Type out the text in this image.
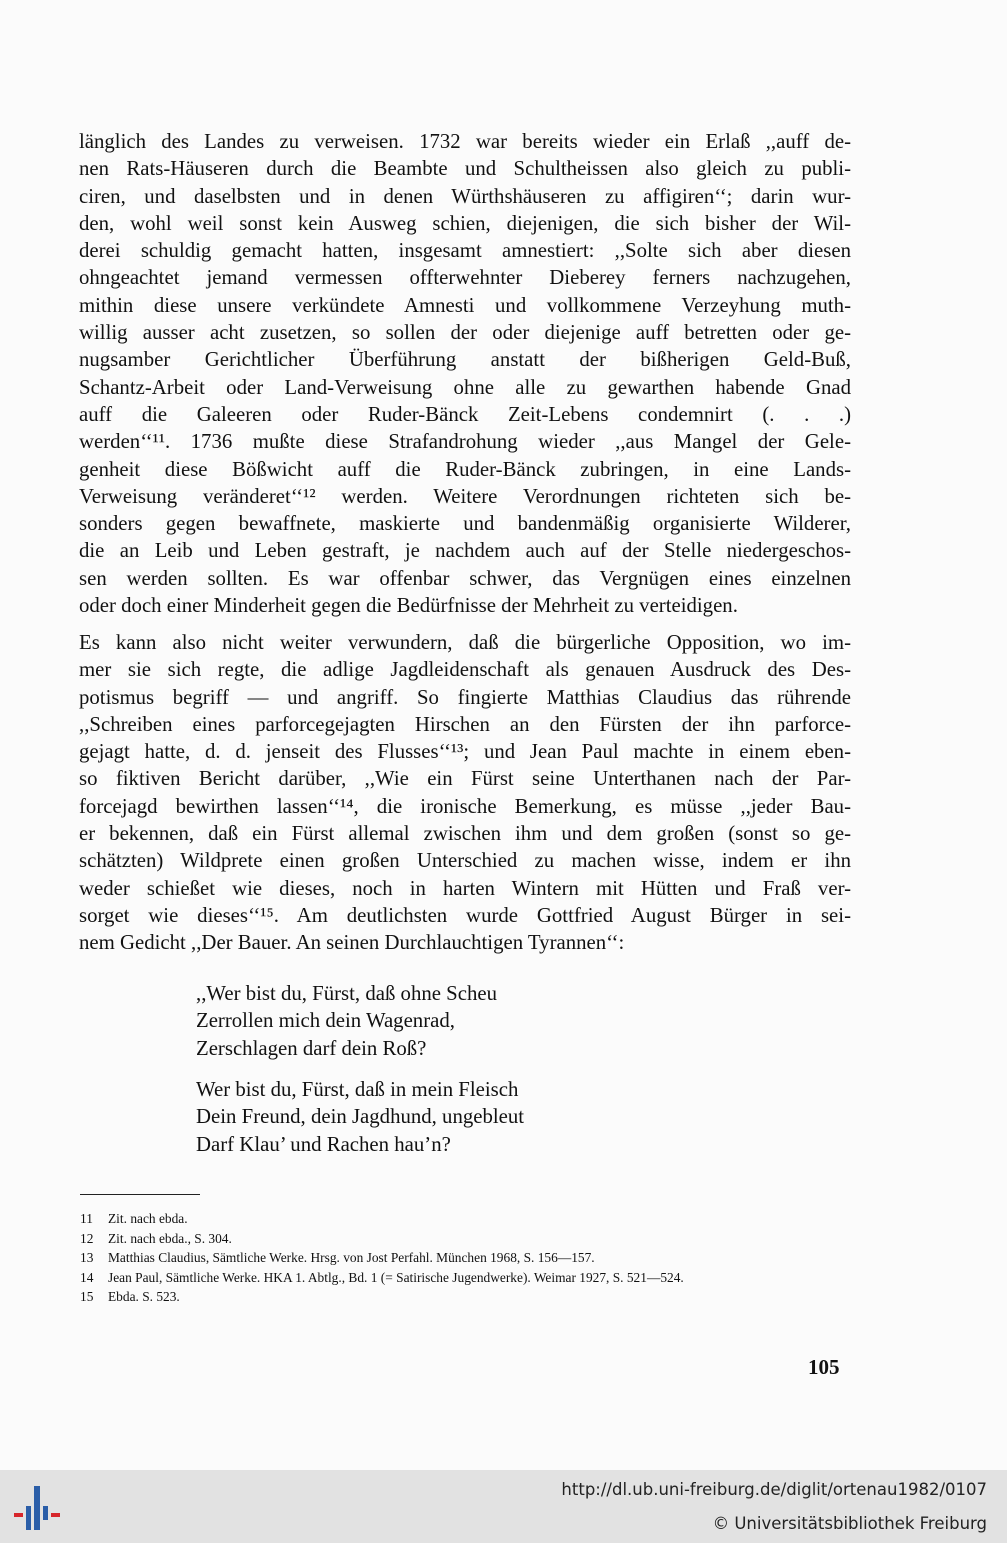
länglich des Landes zu verweisen. 1732 war bereits wieder ein Erlaß ,,auff de-
nen Rats-Häuseren durch die Beambte und Schultheissen also gleich zu publi-
ciren, und daselbsten und in denen Würthshäuseren zu affigiren‘‘; darin wur-
den, wohl weil sonst kein Ausweg schien, diejenigen, die sich bisher der Wil-
derei schuldig gemacht hatten, insgesamt amnestiert: ,,Solte sich aber diesen
ohngeachtet jemand vermessen offterwehnter Dieberey ferners nachzugehen,
mithin diese unsere verkündete Amnesti und vollkommene Verzeyhung muth-
willig ausser acht zusetzen, so sollen der oder diejenige auff betretten oder ge-
nugsamber Gerichtlicher Überführung anstatt der bißherigen Geld-Buß,
Schantz-Arbeit oder Land-Verweisung ohne alle zu gewarthen habende Gnad
auff die Galeeren oder Ruder-Bänck Zeit-Lebens condemnirt (. . .)
werden‘‘¹¹. 1736 mußte diese Strafandrohung wieder ,,aus Mangel der Gele-
genheit diese Bößwicht auff die Ruder-Bänck zubringen, in eine Lands-
Verweisung veränderet‘‘¹² werden. Weitere Verordnungen richteten sich be-
sonders gegen bewaffnete, maskierte und bandenmäßig organisierte Wilderer,
die an Leib und Leben gestraft, je nachdem auch auf der Stelle niedergeschos-
sen werden sollten. Es war offenbar schwer, das Vergnügen eines einzelnen
oder doch einer Minderheit gegen die Bedürfnisse der Mehrheit zu verteidigen.
Es kann also nicht weiter verwundern, daß die bürgerliche Opposition, wo im-
mer sie sich regte, die adlige Jagdleidenschaft als genauen Ausdruck des Des-
potismus begriff — und angriff. So fingierte Matthias Claudius das rührende
,,Schreiben eines parforcegejagten Hirschen an den Fürsten der ihn parforce-
gejagt hatte, d. d. jenseit des Flusses‘‘¹³; und Jean Paul machte in einem eben-
so fiktiven Bericht darüber, ,,Wie ein Fürst seine Unterthanen nach der Par-
forcejagd bewirthen lassen‘‘¹⁴, die ironische Bemerkung, es müsse ,,jeder Bau-
er bekennen, daß ein Fürst allemal zwischen ihm und dem großen (sonst so ge-
schätzten) Wildprete einen großen Unterschied zu machen wisse, indem er ihn
weder schießet wie dieses, noch in harten Wintern mit Hütten und Fraß ver-
sorget wie dieses‘‘¹⁵. Am deutlichsten wurde Gottfried August Bürger in sei-
nem Gedicht ,,Der Bauer. An seinen Durchlauchtigen Tyrannen‘‘:
,,Wer bist du, Fürst, daß ohne Scheu
Zerrollen mich dein Wagenrad,
Zerschlagen darf dein Roß?
Wer bist du, Fürst, daß in mein Fleisch
Dein Freund, dein Jagdhund, ungebleut
Darf Klau’ und Rachen hau’n?
11 Zit. nach ebda.
12 Zit. nach ebda., S. 304.
13 Matthias Claudius, Sämtliche Werke. Hrsg. von Jost Perfahl. München 1968, S. 156—157.
14 Jean Paul, Sämtliche Werke. HKA 1. Abtlg., Bd. 1 (= Satirische Jugendwerke). Weimar 1927, S. 521—524.
15 Ebda. S. 523.
105
http://dl.ub.uni-freiburg.de/diglit/ortenau1982/0107
© Universitätsbibliothek Freiburg
